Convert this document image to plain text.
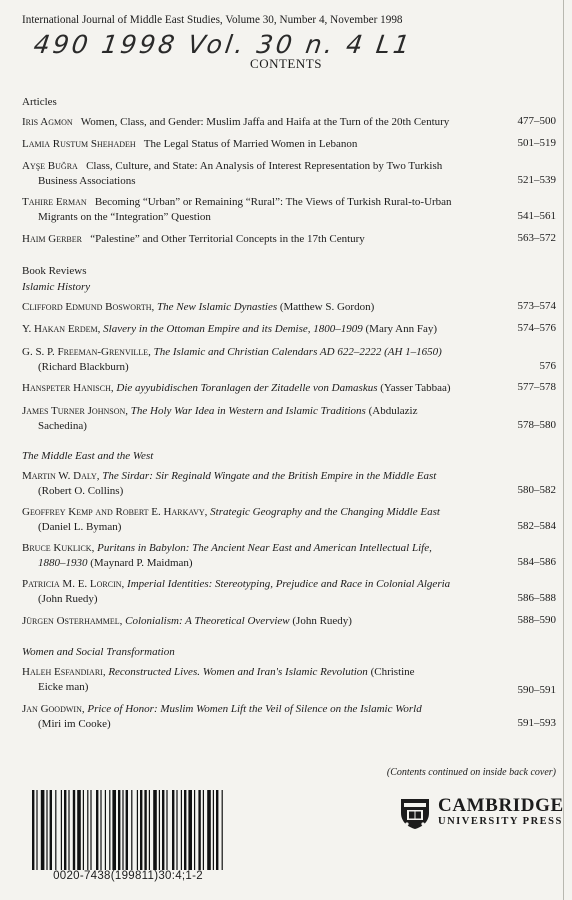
International Journal of Middle East Studies, Volume 30, Number 4, November 1998
490 1998 Vol. 30 n. 4 L1
CONTENTS
Articles
Iris Agmon Women, Class, and Gender: Muslim Jaffa and Haifa at the Turn of the 20th Century	477–500
Lamia Rustum Shehadeh The Legal Status of Married Women in Lebanon	501–519
Ayşe Buğra Class, Culture, and State: An Analysis of Interest Representation by Two Turkish
Business Associations	521–539
Tahire Erman Becoming “Urban” or Remaining “Rural”: The Views of Turkish Rural-to-Urban
Migrants on the “Integration” Question	541–561
Haim Gerber “Palestine” and Other Territorial Concepts in the 17th Century	563–572
Book Reviews
Islamic History
Clifford Edmund Bosworth, The New Islamic Dynasties (Matthew S. Gordon)	573–574
Y. Hakan Erdem, Slavery in the Ottoman Empire and its Demise, 1800–1909 (Mary Ann Fay)	574–576
G. S. P. Freeman-Grenville, The Islamic and Christian Calendars AD 622–2222 (AH 1–1650)
(Richard Blackburn)	576
Hanspeter Hanisch, Die ayyubidischen Toranlagen der Zitadelle von Damaskus (Yasser Tabbaa)	577–578
James Turner Johnson, The Holy War Idea in Western and Islamic Traditions (Abdulaziz
Sachedina)	578–580
The Middle East and the West
Martin W. Daly, The Sirdar: Sir Reginald Wingate and the British Empire in the Middle East
(Robert O. Collins)	580–582
Geoffrey Kemp and Robert E. Harkavy, Strategic Geography and the Changing Middle East
(Daniel L. Byman)	582–584
Bruce Kuklick, Puritans in Babylon: The Ancient Near East and American Intellectual Life,
1880–1930 (Maynard P. Maidman)	584–586
Patricia M. E. Lorcin, Imperial Identities: Stereotyping, Prejudice and Race in Colonial Algeria
(John Ruedy)	586–588
Jürgen Osterhammel, Colonialism: A Theoretical Overview (John Ruedy)	588–590
Women and Social Transformation
Haleh Esfandiari, Reconstructed Lives. Women and Iran's Islamic Revolution (Christine
Eicke man)	590–591
Jan Goodwin, Price of Honor: Muslim Women Lift the Veil of Silence on the Islamic World
(Miri im Cooke)	591–593
(Contents continued on inside back cover)
0020-7438(199811)30:4;1-2
CAMBRIDGE
UNIVERSITY PRESS
